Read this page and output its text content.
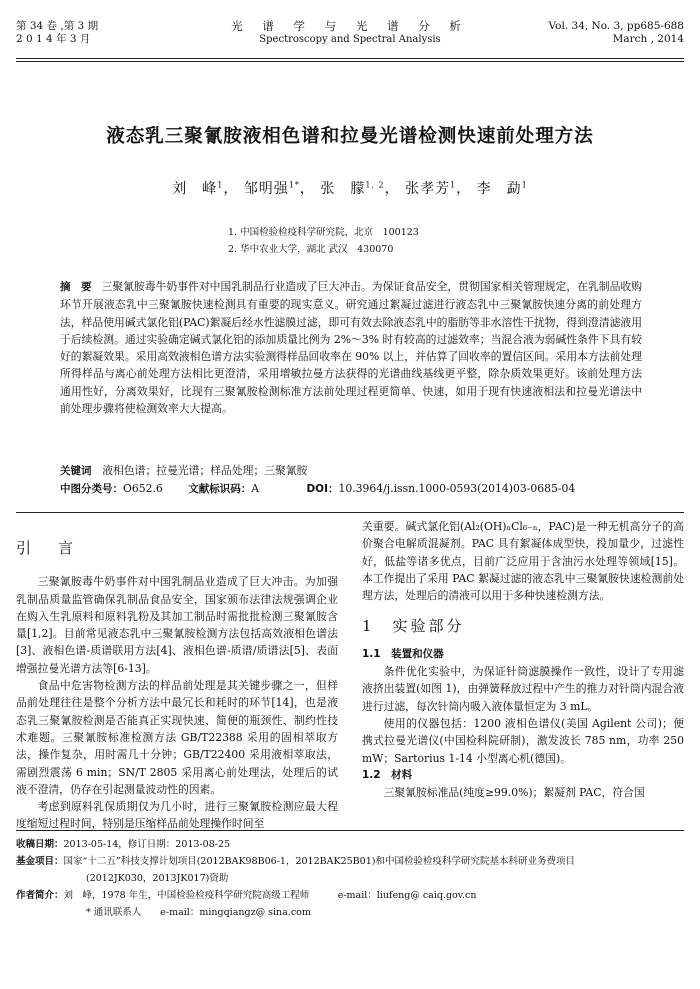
第 34 卷 ,第 3 期
2 0 1 4 年 3 月
光 谱 学 与 光 谱 分 析
Spectroscopy and Spectral Analysis
Vol. 34, No. 3, pp685-688
March , 2014
液态乳三聚氰胺液相色谱和拉曼光谱检测快速前处理方法
刘　峰$^1$， 邹明强$^{1*}$， 张　朦$^{1, 2}$， 张孝芳$^1$， 李　勐$^1$
1. 中国检验检疫科学研究院，北京　100123
2. 华中农业大学，湖北 武汉　430070
摘　要 三聚氰胺毒牛奶事件对中国乳制品行业造成了巨大冲击。为保证食品安全，贯彻国家相关管理规定，在乳制品收购环节开展液态乳中三聚氰胺快速检测具有重要的现实意义。研究通过絮凝过滤进行液态乳中三聚氰胺快速分离的前处理方法，样品使用碱式氯化铝(PAC)絮凝后经水性滤膜过滤，即可有效去除液态乳中的脂肪等非水溶性干扰物，得到澄清滤液用于后续检测。通过实验确定碱式氯化铝的添加质量比例为 2%～3% 时有较高的过滤效率；当混合液为弱碱性条件下具有较好的絮凝效果。采用高效液相色谱方法实验测得样品回收率在 90% 以上，并估算了回收率的置信区间。采用本方法前处理所得样品与离心前处理方法相比更澄清，采用增敏拉曼方法获得的光谱曲线基线更平整，除杂质效果更好。该前处理方法通用性好，分离效果好，比现有三聚氰胺检测标准方法前处理过程更简单、快速，如用于现有快速液相法和拉曼光谱法中前处理步骤将使检测效率大大提高。
关键词　 液相色谱；拉曼光谱；样品处理；三聚氰胺
中图分类号：O652.6 文献标识码：A	DOI：10.3964/j.issn.1000-0593(2014)03-0685-04

引　言

三聚氰胺毒牛奶事件对中国乳制品业造成了巨大冲击。为加强乳制品质量监管确保乳制品食品安全，国家颁布法律法规强调企业在购入生乳原料和原料乳粉及其加工制品时需批批检测三聚氰胺含量[1,2]。目前常见液态乳中三聚氰胺检测方法包括高效液相色谱法[3]、液相色谱-质谱联用方法[4]、液相色谱-质谱/质谱法[5]、表面增强拉曼光谱方法等[6-13]。

食品中危害物检测方法的样品前处理是其关键步骤之一，但样品前处理往往是整个分析方法中最冗长和耗时的环节[14]，也是液态乳三聚氰胺检测是否能真正实现快速、简便的瓶颈性、制约性技术难题。三聚氰胺标准检测方法 GB/T22388 采用的固相萃取方法，操作复杂，用时需几十分钟；GB/T22400 采用液相萃取法，需剧烈震荡 6 min；SN/T 2805 采用离心前处理法，处理后的试液不澄清，仍存在引起测量波动性的因素。

考虑到原料乳保质期仅为几小时，进行三聚氰胺检测应最大程度缩短过程时间，特别是压缩样品前处理操作时间至

关重要。碱式氯化铝(Al₂(OH)ₙCl₆₋ₙ，PAC)是一种无机高分子的高价聚合电解质混凝剂。PAC 具有絮凝体成型快，投加量少，过滤性好，低盐等诸多优点，目前广泛应用于含油污水处理等领域[15]。本工作提出了采用 PAC 絮凝过滤的液态乳中三聚氰胺快速检测前处理方法，处理后的清液可以用于多种快速检测方法。

1　实验部分

1.1　装置和仪器

条件优化实验中，为保证针筒滤膜操作一致性，设计了专用滤液挤出装置(如图 1)，由弹簧释放过程中产生的推力对针筒内混合液进行过滤，每次针筒内吸入液体量恒定为 3 mL。

使用的仪器包括：1200 液相色谱仪(美国 Agilent 公司)；便携式拉曼光谱仪(中国检科院研制)，激发波长 785 nm，功率 250 mW；Sartorius 1-14 小型离心机(德国)。

1.2　材料

三聚氰胺标准品(纯度≥99.0%)；絮凝剂 PAC，符合国

收稿日期：2013-05-14，修订日期：2013-08-25
基金项目：国家“十二五”科技支撑计划项目(2012BAK98B06-1，2012BAK25B01)和中国检验检疫科学研究院基本科研业务费项目
(2012JK030，2013JK017)资助
作者简介：刘　峰，1978 年生，中国检验检疫科学研究院高级工程师　　　e-mail：liufeng@ caiq.gov.cn
* 通讯联系人　　e-mail：mingqiangz@ sina.com
